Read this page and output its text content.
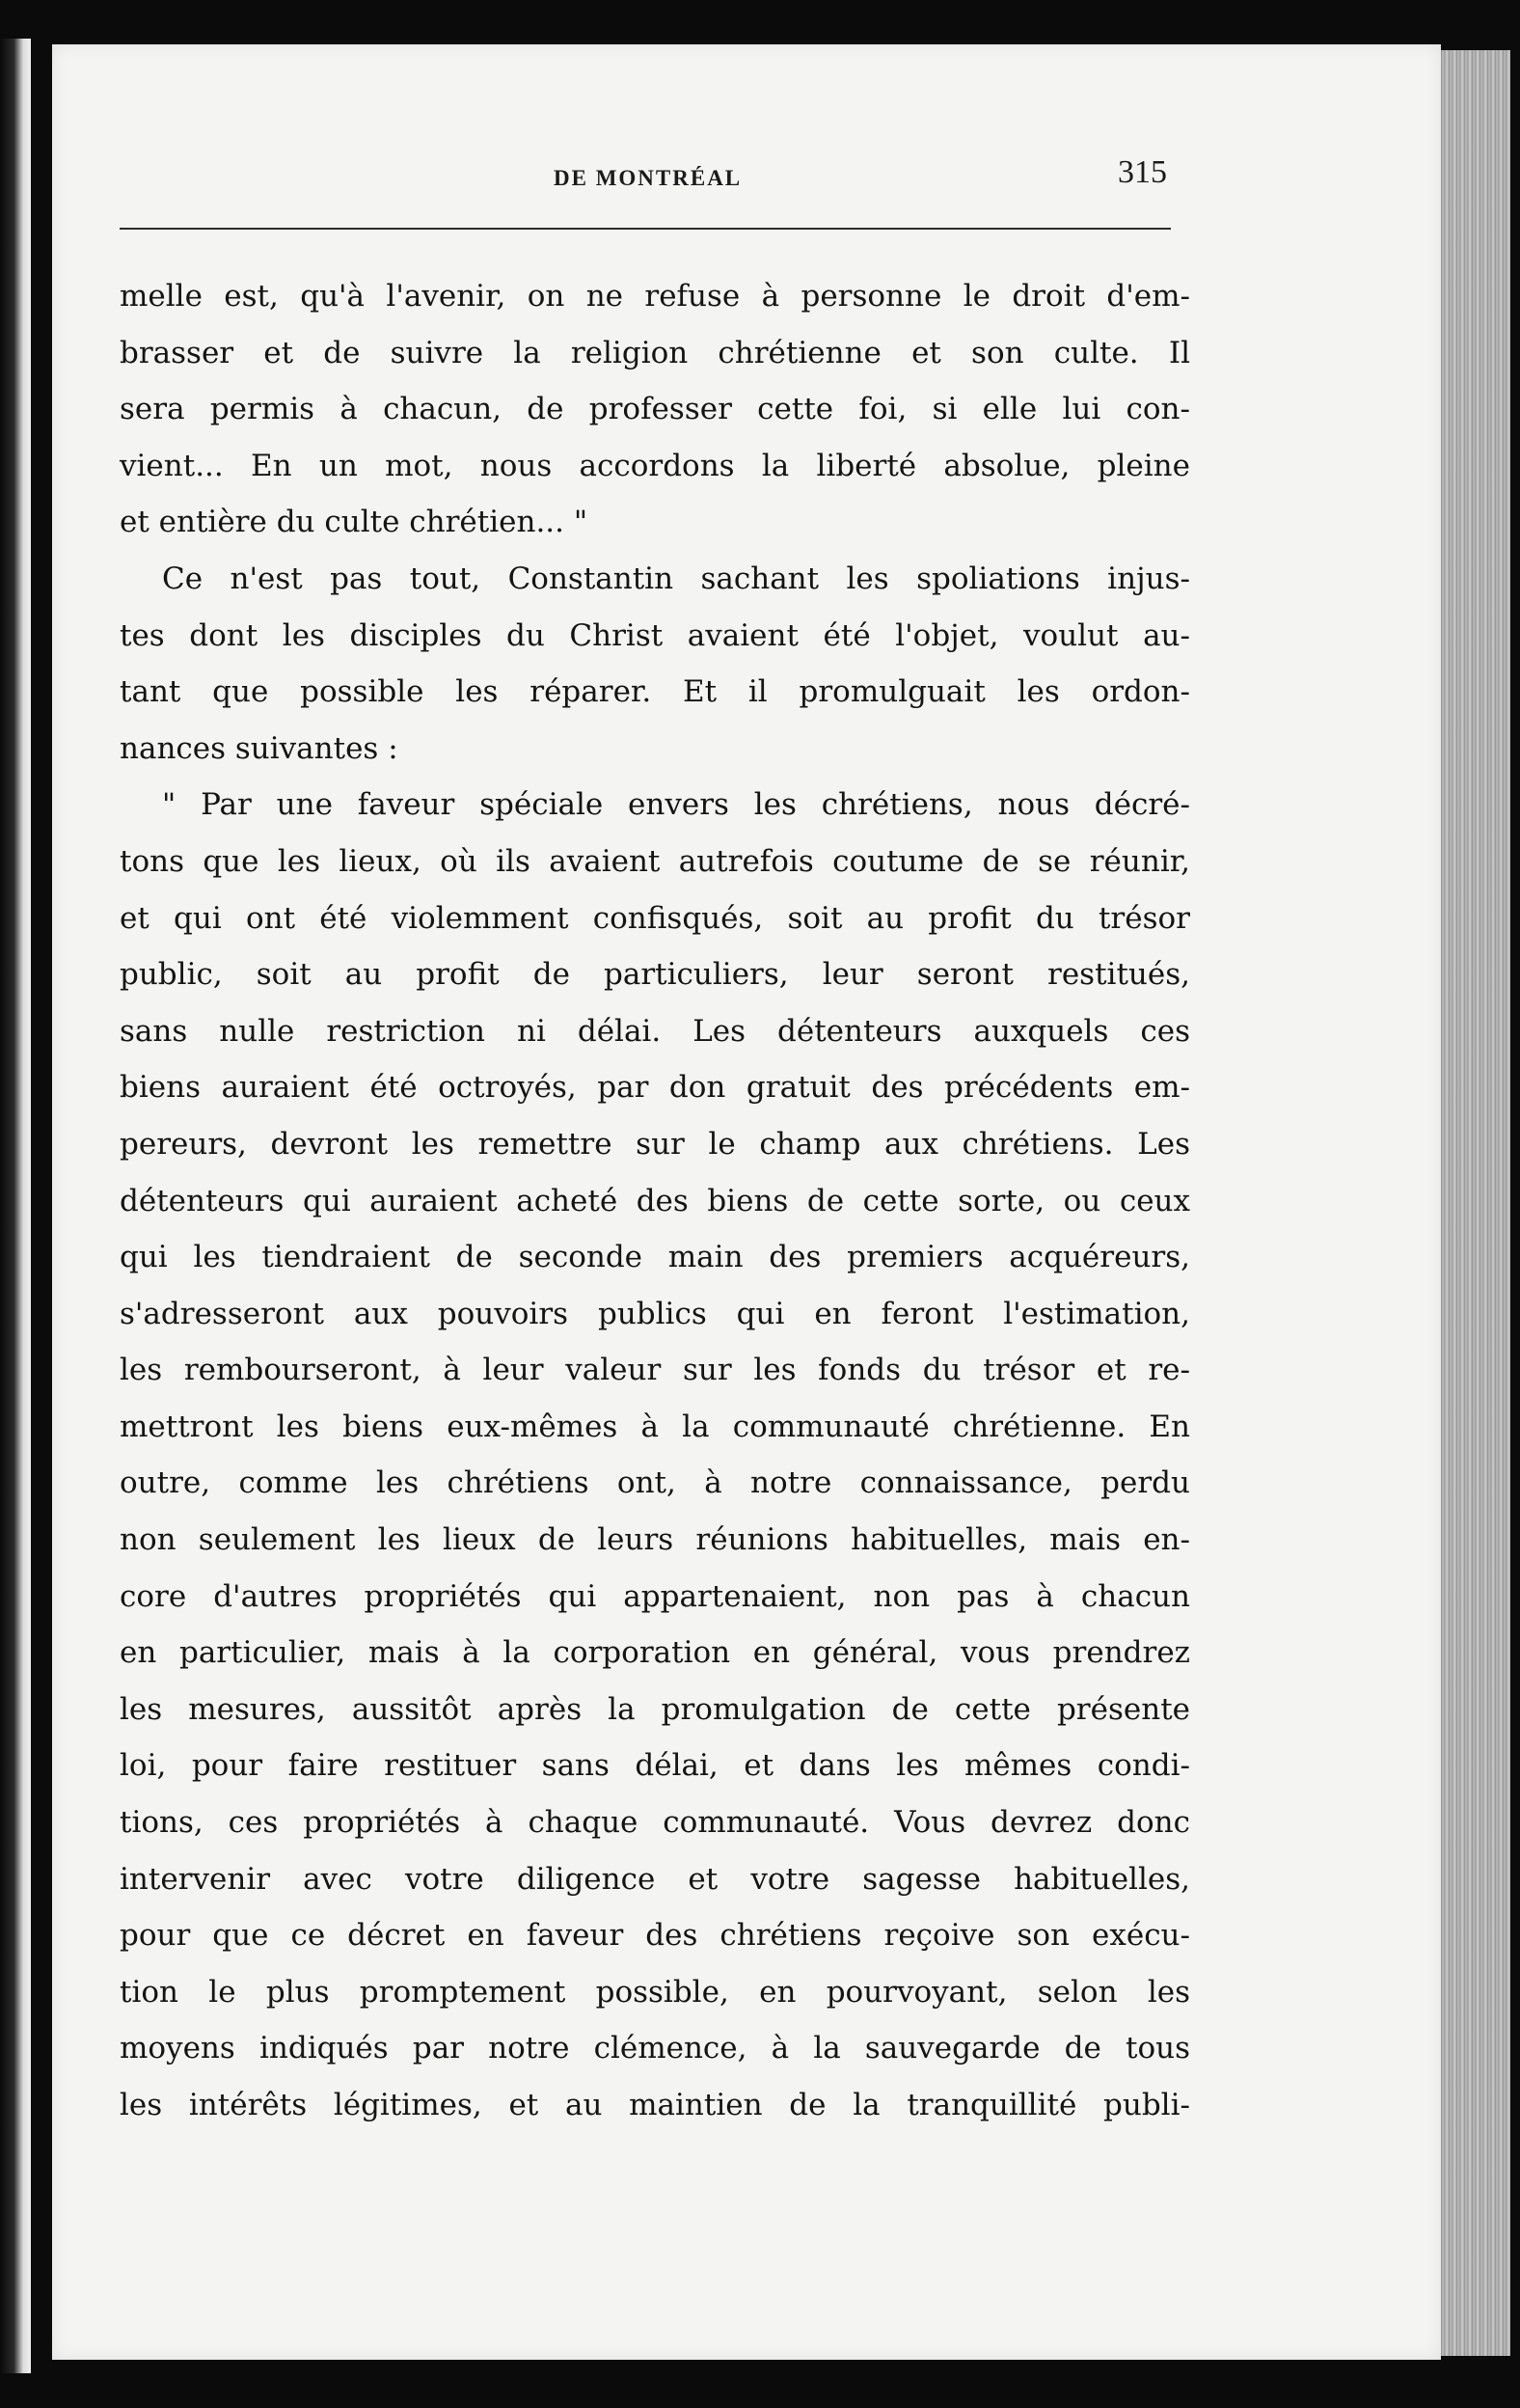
DE MONTRÉAL	315
melle est, qu'à l'avenir, on ne refuse à personne le droit d'em-
brasser et de suivre la religion chrétienne et son culte. Il
sera permis à chacun, de professer cette foi, si elle lui con-
vient... En un mot, nous accordons la liberté absolue, pleine
et entière du culte chrétien... "
Ce n'est pas tout, Constantin sachant les spoliations injus-
tes dont les disciples du Christ avaient été l'objet, voulut au-
tant que possible les réparer. Et il promulguait les ordon-
nances suivantes :
" Par une faveur spéciale envers les chrétiens, nous décré-
tons que les lieux, où ils avaient autrefois coutume de se réunir,
et qui ont été violemment confisqués, soit au profit du trésor
public, soit au profit de particuliers, leur seront restitués,
sans nulle restriction ni délai. Les détenteurs auxquels ces
biens auraient été octroyés, par don gratuit des précédents em-
pereurs, devront les remettre sur le champ aux chrétiens. Les
détenteurs qui auraient acheté des biens de cette sorte, ou ceux
qui les tiendraient de seconde main des premiers acquéreurs,
s'adresseront aux pouvoirs publics qui en feront l'estimation,
les rembourseront, à leur valeur sur les fonds du trésor et re-
mettront les biens eux-mêmes à la communauté chrétienne. En
outre, comme les chrétiens ont, à notre connaissance, perdu
non seulement les lieux de leurs réunions habituelles, mais en-
core d'autres propriétés qui appartenaient, non pas à chacun
en particulier, mais à la corporation en général, vous prendrez
les mesures, aussitôt après la promulgation de cette présente
loi, pour faire restituer sans délai, et dans les mêmes condi-
tions, ces propriétés à chaque communauté. Vous devrez donc
intervenir avec votre diligence et votre sagesse habituelles,
pour que ce décret en faveur des chrétiens reçoive son exécu-
tion le plus promptement possible, en pourvoyant, selon les
moyens indiqués par notre clémence, à la sauvegarde de tous
les intérêts légitimes, et au maintien de la tranquillité publi-
